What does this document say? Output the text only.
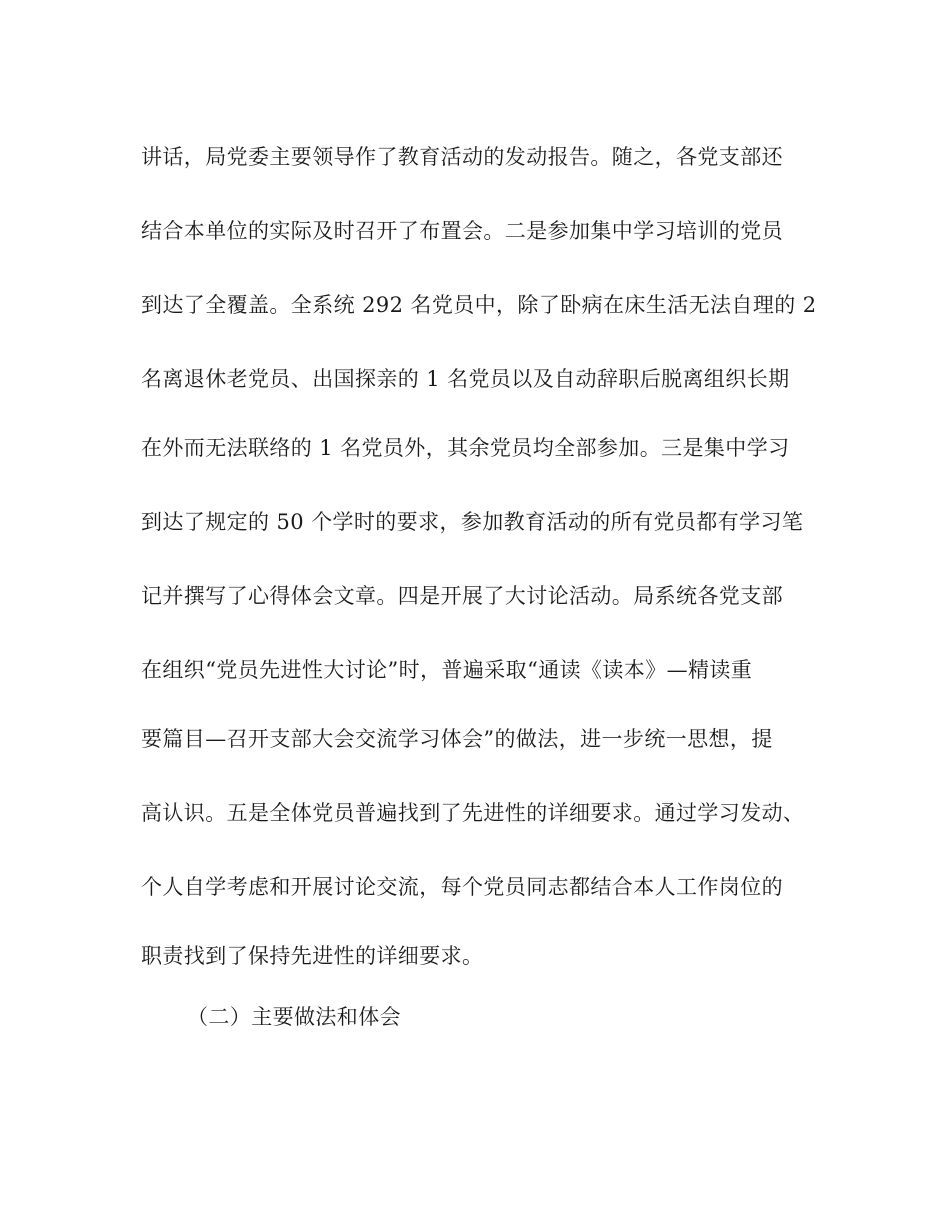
讲话，局党委主要领导作了教育活动的发动报告。随之，各党支部还
结合本单位的实际及时召开了布置会。二是参加集中学习培训的党员
到达了全覆盖。全系统 292 名党员中，除了卧病在床生活无法自理的 2
名离退休老党员、出国探亲的 1 名党员以及自动辞职后脱离组织长期
在外而无法联络的 1 名党员外，其余党员均全部参加。三是集中学习
到达了规定的 50 个学时的要求，参加教育活动的所有党员都有学习笔
记并撰写了心得体会文章。四是开展了大讨论活动。局系统各党支部
在组织“党员先进性大讨论”时，普遍采取“通读《读本》—精读重
要篇目—召开支部大会交流学习体会”的做法，进一步统一思想，提
高认识。五是全体党员普遍找到了先进性的详细要求。通过学习发动、
个人自学考虑和开展讨论交流，每个党员同志都结合本人工作岗位的
职责找到了保持先进性的详细要求。
（二）主要做法和体会
